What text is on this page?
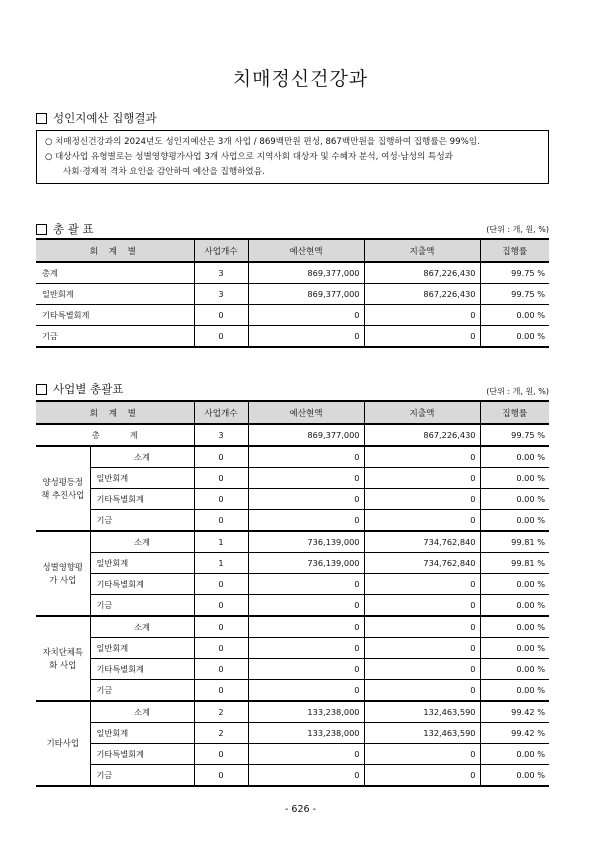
치매정신건강과
성인지예산 집행결과
○ 치매정신건강과의 2024년도 성인지예산은 3개 사업 / 869백만원 편성, 867백만원을 집행하여 집행률은 99%임.
○ 대상사업 유형별로는 성별영향평가사업 3개 사업으로 지역사회 대상자 및 수혜자 분석, 여성·남성의 특성과
사회·경제적 격차 요인을 감안하여 예산을 집행하였음.
총 괄 표	(단위 : 개, 원, %)
회 계 별	사업개수	예산현액	지출액	집행률
총계	3	869,377,000	867,226,430	99.75 %
일반회계	3	869,377,000	867,226,430	99.75 %
기타특별회계	0	0	0	0.00 %
기금	0	0	0	0.00 %
사업별 총괄표	(단위 : 개, 원, %)
회 계 별		사업개수	예산현액	지출액	집행률
총계		3	869,377,000	867,226,430	99.75 %
양성평등정책 추진사업	소계	0	0	0	0.00 %
	일반회계	0	0	0	0.00 %
	기타특별회계	0	0	0	0.00 %
	기금	0	0	0	0.00 %
성별영향평가 사업	소계	1	736,139,000	734,762,840	99.81 %
	일반회계	1	736,139,000	734,762,840	99.81 %
	기타특별회계	0	0	0	0.00 %
	기금	0	0	0	0.00 %
자치단체특화 사업	소계	0	0	0	0.00 %
	일반회계	0	0	0	0.00 %
	기타특별회계	0	0	0	0.00 %
	기금	0	0	0	0.00 %
기타사업	소계	2	133,238,000	132,463,590	99.42 %
	일반회계	2	133,238,000	132,463,590	99.42 %
	기타특별회계	0	0	0	0.00 %
	기금	0	0	0	0.00 %
- 626 -
